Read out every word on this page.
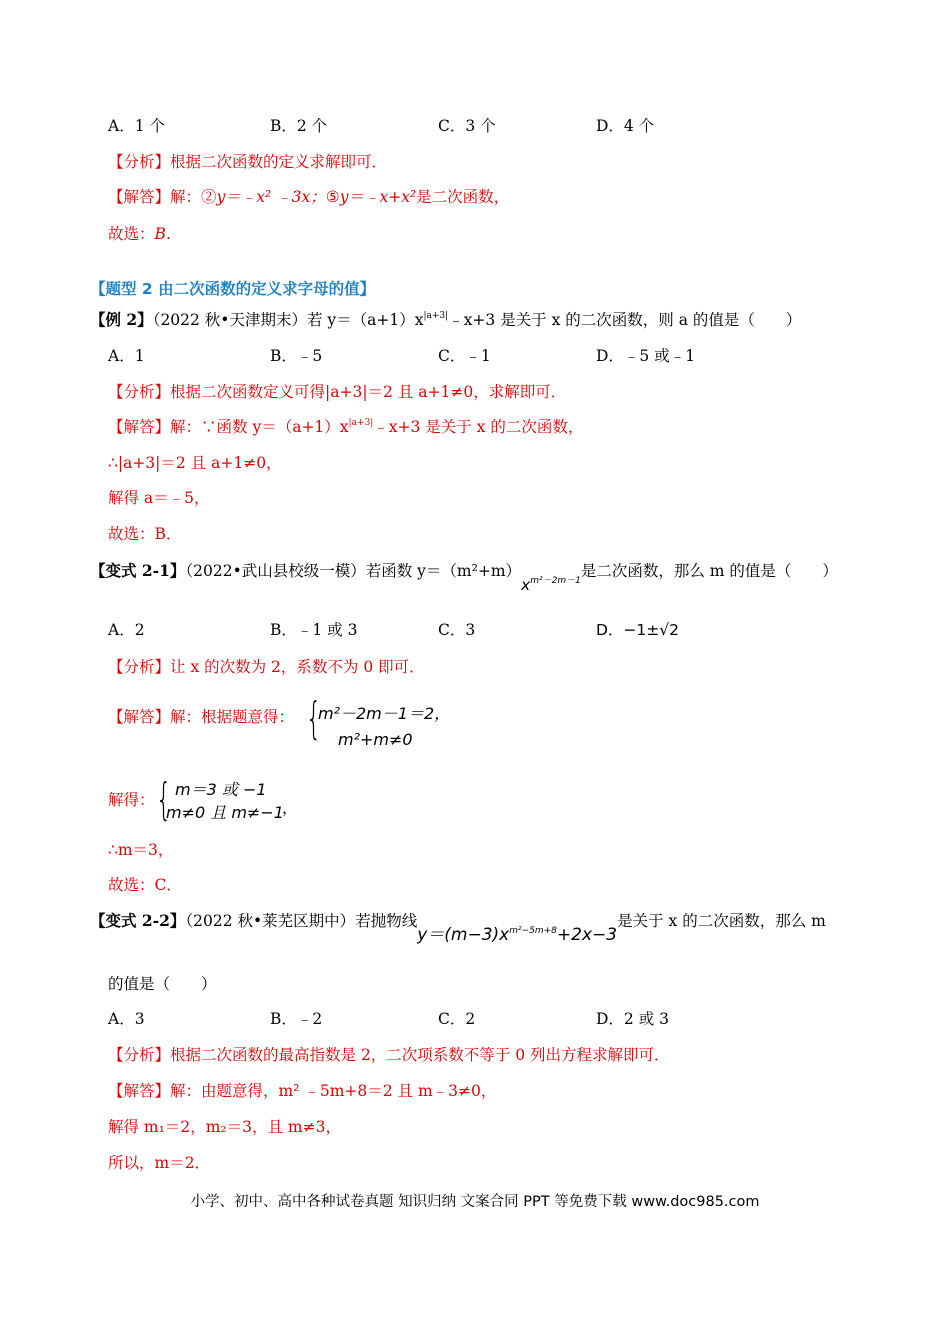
A．1 个	B．2 个	C．3 个	D．4 个
【分析】根据二次函数的定义求解即可．
【解答】解：②y＝﹣x² ﹣3x；⑤y＝﹣x+x²是二次函数，
故选：B．
【题型 2 由二次函数的定义求字母的值】
【例 2】（2022 秋•天津期末）若 $y=(a+1)x^{|a+3|}﹣x+3$ 是关于 x 的二次函数，则 a 的值是（　　）
A．1	B．﹣5	C．﹣1	D．﹣5 或﹣1
【分析】根据二次函数定义可得|a+3|＝2 且 a+1≠0，求解即可．
【解答】解：∵函数 $y=(a+1)x^{|a+3|}﹣x+3$ 是关于 x 的二次函数，
∴|a+3|＝2 且 a+1≠0，
解得 a＝﹣5，
故选：B．
【变式 2-1】（2022•武山县校级一模）若函数 $y=(m^2+m)x^{m^2-2m-1}$是二次函数，那么 m 的值是（　　）
A．2	B．﹣1 或 3	C．3	D．−1±√2
【分析】让 x 的次数为 2，系数不为 0 即可．
【解答】解：根据题意得： {
m²－2m－1＝2，
m²+m≠0
解得： { m＝3 或 −1
m≠0 且 m≠−1
，
∴m＝3，
故选：C．
【变式 2-2】（2022 秋•莱芜区期中）若抛物线$y=(m-3)x^{m^2-5m+8}+2x-3$是关于 x 的二次函数，那么 m
的值是（　　）
A．3	B．﹣2	C．2	D．2 或 3
【分析】根据二次函数的最高指数是 2，二次项系数不等于 0 列出方程求解即可．
【解答】解：由题意得，m² ﹣5m+8＝2 且 m﹣3≠0，
解得 m₁＝2，m₂＝3，且 m≠3，
所以，m＝2．
小学、初中、高中各种试卷真题 知识归纳 文案合同 PPT 等免费下载 www.doc985.com
